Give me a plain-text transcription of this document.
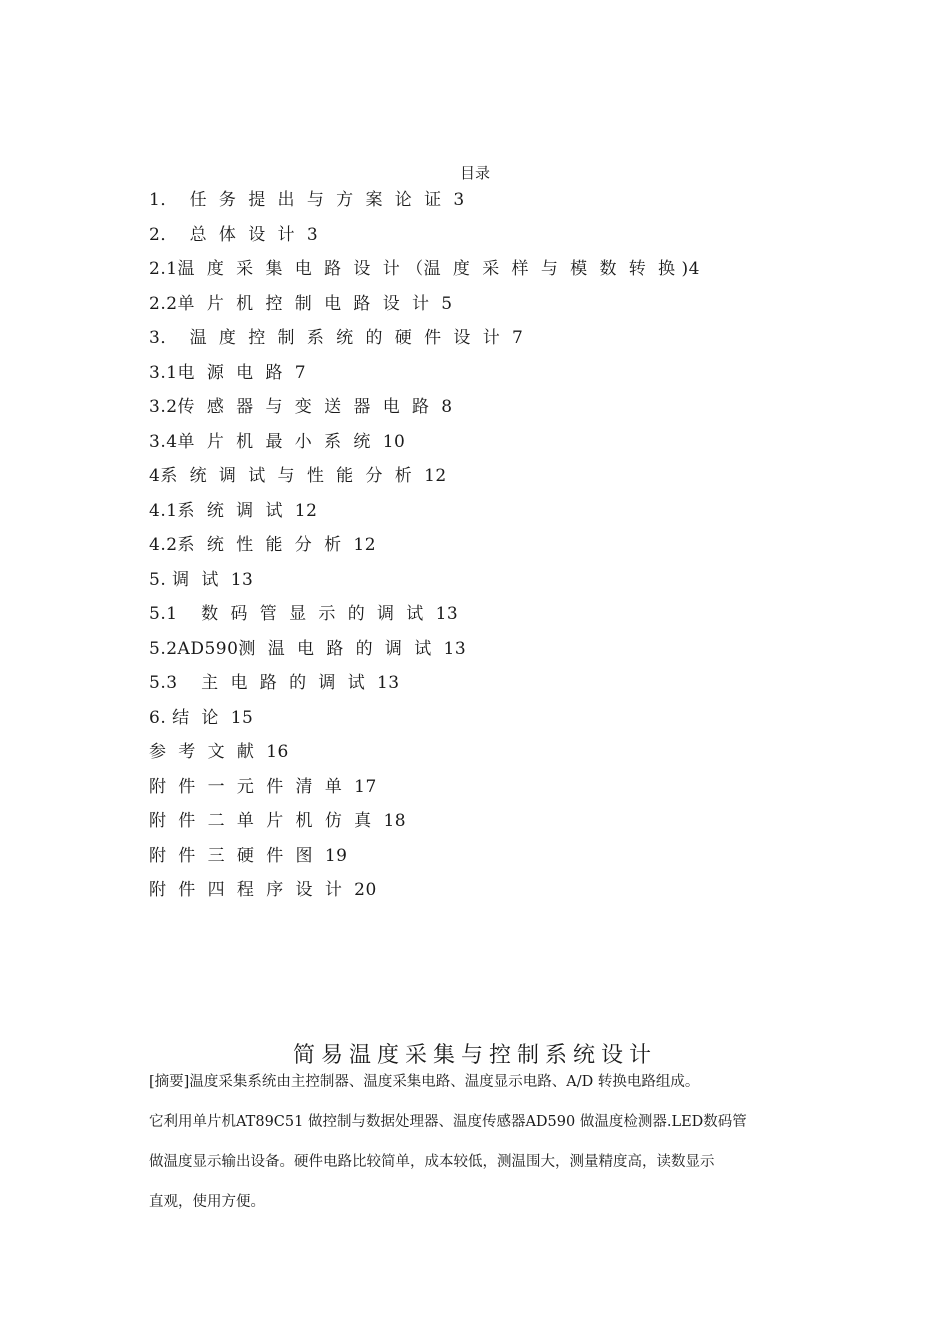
目录
1．  任  务  提  出  与  方  案  论  证  3
2．  总  体  设  计  3
2.1温  度  采  集  电  路  设  计 （温  度  采  样  与  模  数  转  换 )4
2.2单  片  机  控  制  电  路  设  计  5
3．  温  度  控  制  系  统  的  硬  件  设  计  7
3.1电  源  电  路  7
3.2传  感  器  与  变  送  器  电  路  8
3.4单  片  机  最  小  系  统  10
4系  统  调  试  与  性  能  分  析  12
4.1系  统  调  试  12
4.2系  统  性  能  分  析  12
5. 调  试  13
5.1    数  码  管  显  示  的  调  试  13
5.2AD590测  温  电  路  的  调  试  13
5.3    主  电  路  的  调  试  13
6. 结  论  15
参  考  文  献  16
附  件  一  元  件  清  单  17
附  件  二  单  片  机  仿  真  18
附  件  三  硬  件  图  19
附  件  四  程  序  设  计  20
简易温度采集与控制系统设计
[摘要]温度采集系统由主控制器、温度采集电路、温度显示电路、A/D 转换电路组成。
它利用单片机AT89C51 做控制与数据处理器、温度传感器AD590 做温度检测器.LED数码管
做温度显示输出设备。硬件电路比较简单，成本较低，测温围大，测量精度高，读数显示
直观，使用方便。
